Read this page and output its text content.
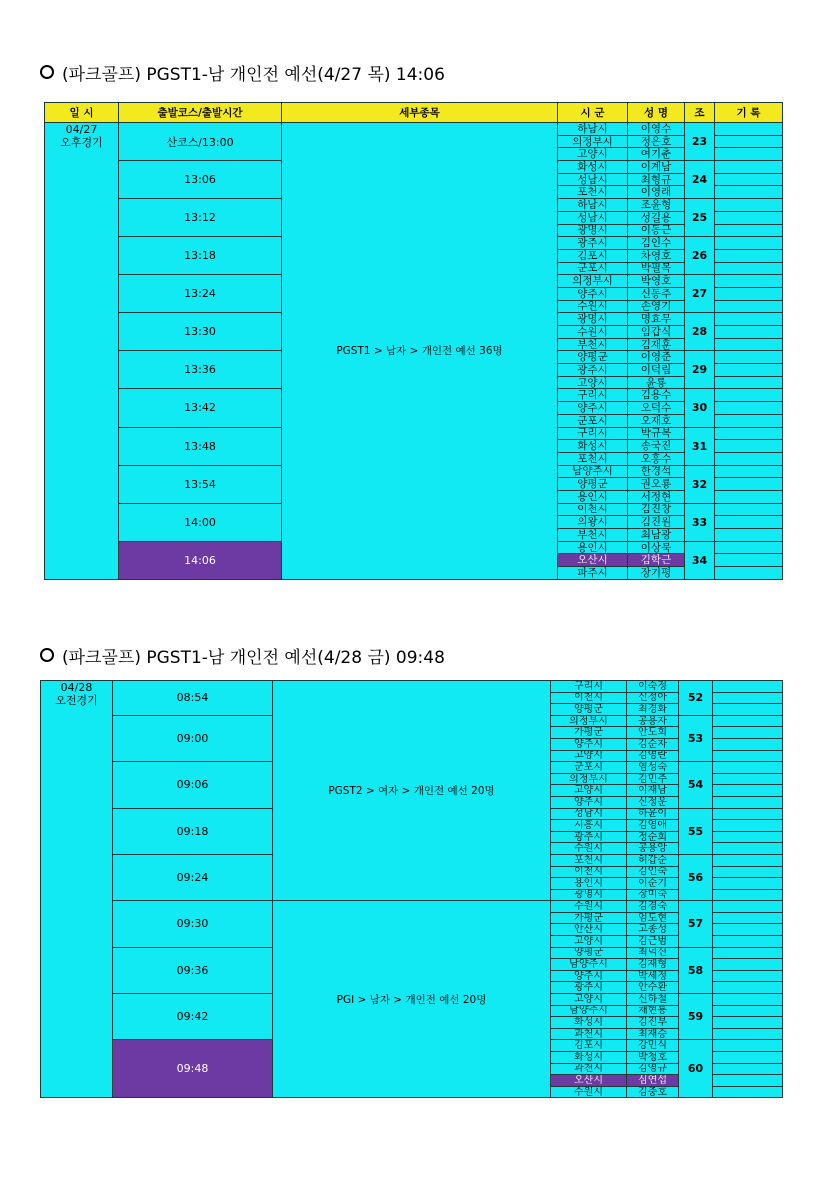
(파크골프) PGST1-남 개인전 예선(4/27 목) 14:06
일 시	출발코스/출발시간	세부종목	시 군	성 명	조	기 록

04/27
오후경기	산코스/13:00	PGST1 > 남자 > 개인전 예선 36명	하남시	이영수	23	
			의정부시	정은호		
			고양시	여기춘		
	13:06		화성시	이계남	24	
			성남시	최형규		
			포천시	이영래		
	13:12		하남시	조윤형	25	
			성남시	성길용		
			광명시	이동근		
	13:18		광주시	김인수	26	
			김포시	차영호		
			군포시	박필목		
	13:24		의정부시	박영호	27	
			양주시	신동주		
			수원시	손영기		
	13:30		광명시	명효무	28	
			수원시	임갑식		
			부천시	김재훈		
	13:36		양평군	이영준	29	
			광주시	이덕림		
			고양시	윤룡		
	13:42		구리시	김용수	30	
			양주시	오덕수		
			군포시	오재호		
	13:48		구리시	박규복	31	
			화성시	송국진		
			포천시	오홍수		
	13:54		남양주시	한경석	32	
			양평군	권오룡		
			용인시	서정현		
	14:00		이천시	김진창	33	
			의왕시	김진원		
			부천시	최남광		
	14:06		용인시	이상묵	34	
			오산시	김학근		
			파주시	장기평		
(파크골프) PGST1-남 개인전 예선(4/28 금) 09:48
04/28
오전경기	08:54	PGST2 > 여자 > 개인전 예선 20명	구리시	이숙정	52	
			이천시	신정아		
			양평군	최경화		
	09:00		의정부시	공용자	53	
			가평군	안도희		
			양주시	김순자		
			고양시	김영란		
	09:06		군포시	염성숙	54	
			의정부시	김민주		
			고양시	이재남		
			양주시	신정운		
	09:18		성남시	하윤이	55	
			시흥시	김영애		
			광주시	정순희		
			수원시	공용앙		
	09:24		포천시	허갑순	56	
			이천시	김인숙		
			용인시	이순기		
			광명시	장미숙		
	09:30	PGI > 남자 > 개인전 예선 20명	수원시	김경숙	57	
			가평군	엄도현		
			안산시	고종성		
			고양시	김근범		
	09:36		양평군	최덕신	58	
			남양주시	김재형		
			양주시	박세정		
			광주시	안수환		
	09:42		고양시	신하철	59	
			남양주시	채현룡		
			화성시	김진부		
			과천시	최재승		
	09:48		김포시	강민식	60	
			화성시	박청호		
			과천시	김영규		
			오산시	심연섭		
			수원시	김중호		
